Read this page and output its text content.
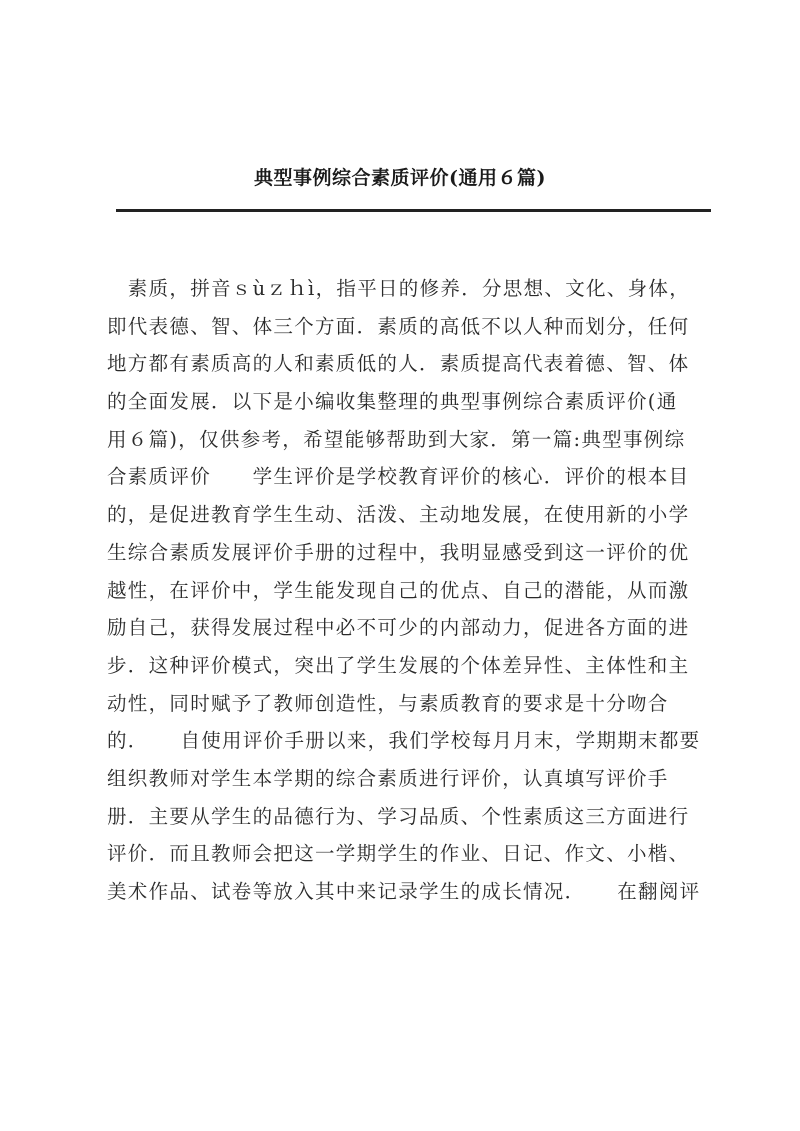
典型事例综合素质评价(通用６篇)
　素质，拼音ｓùｚｈì，指平日的修养．分思想、文化、身体，
即代表德、智、体三个方面．素质的高低不以人种而划分，任何
地方都有素质高的人和素质低的人．素质提高代表着德、智、体
的全面发展．以下是小编收集整理的典型事例综合素质评价(通
用６篇)，仅供参考，希望能够帮助到大家．第一篇:典型事例综
合素质评价　　学生评价是学校教育评价的核心．评价的根本目
的，是促进教育学生生动、活泼、主动地发展，在使用新的小学
生综合素质发展评价手册的过程中，我明显感受到这一评价的优
越性，在评价中，学生能发现自己的优点、自己的潜能，从而激
励自己，获得发展过程中必不可少的内部动力，促进各方面的进
步．这种评价模式，突出了学生发展的个体差异性、主体性和主
动性，同时赋予了教师创造性，与素质教育的要求是十分吻合
的．　　自使用评价手册以来，我们学校每月月末，学期期末都要
组织教师对学生本学期的综合素质进行评价，认真填写评价手
册．主要从学生的品德行为、学习品质、个性素质这三方面进行
评价．而且教师会把这一学期学生的作业、日记、作文、小楷、
美术作品、试卷等放入其中来记录学生的成长情况．　　在翻阅评
